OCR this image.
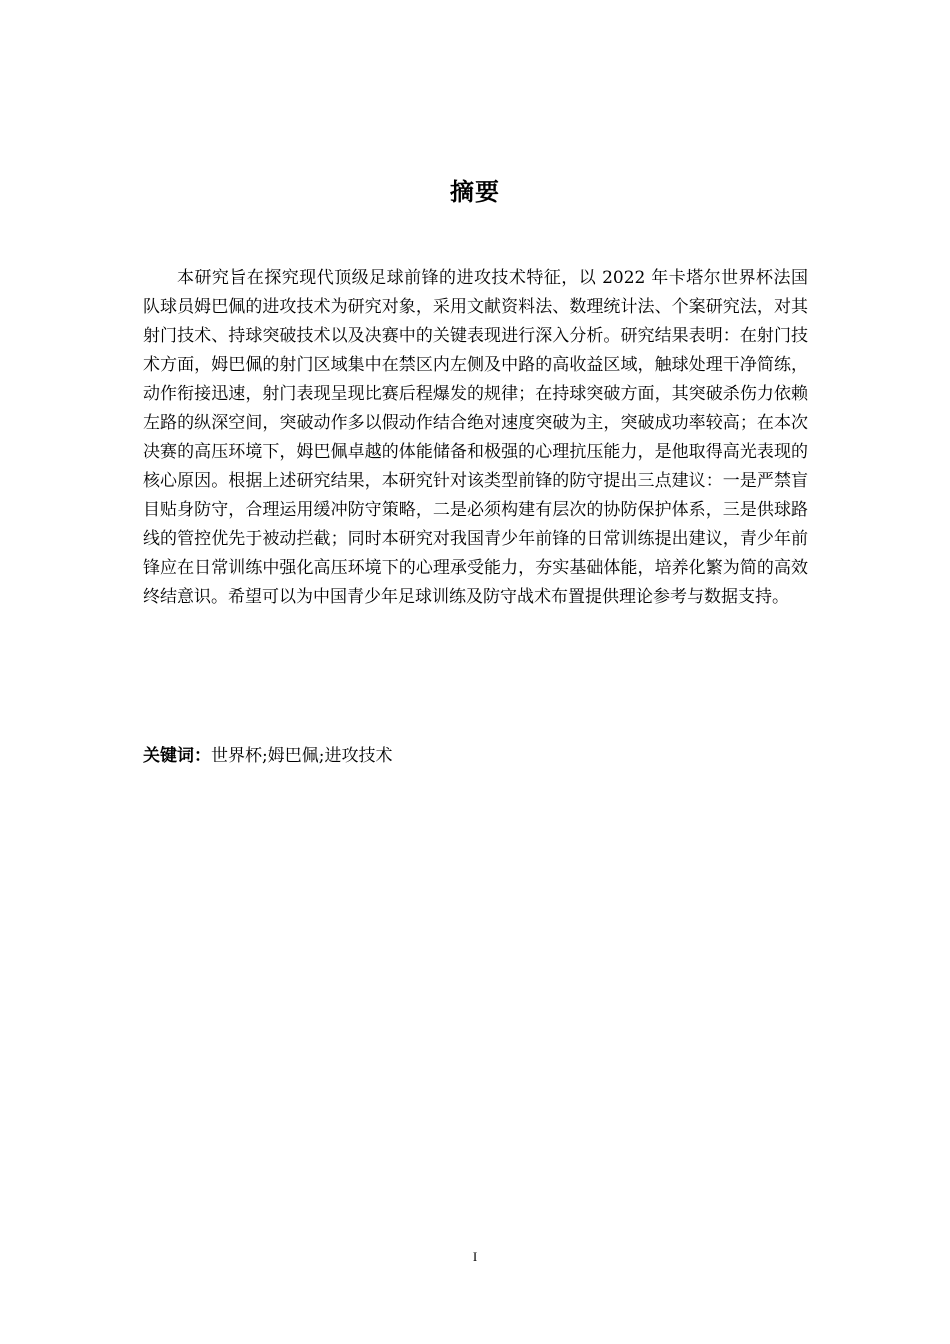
摘要

本研究旨在探究现代顶级足球前锋的进攻技术特征，以 2022 年卡塔尔世界杯法国队球员姆巴佩的进攻技术为研究对象，采用文献资料法、数理统计法、个案研究法，对其射门技术、持球突破技术以及决赛中的关键表现进行深入分析。研究结果表明：在射门技术方面，姆巴佩的射门区域集中在禁区内左侧及中路的高收益区域，触球处理干净简练，动作衔接迅速，射门表现呈现比赛后程爆发的规律；在持球突破方面，其突破杀伤力依赖左路的纵深空间，突破动作多以假动作结合绝对速度突破为主，突破成功率较高；在本次决赛的高压环境下，姆巴佩卓越的体能储备和极强的心理抗压能力，是他取得高光表现的核心原因。根据上述研究结果，本研究针对该类型前锋的防守提出三点建议：一是严禁盲目贴身防守，合理运用缓冲防守策略，二是必须构建有层次的协防保护体系，三是供球路线的管控优先于被动拦截；同时本研究对我国青少年前锋的日常训练提出建议，青少年前锋应在日常训练中强化高压环境下的心理承受能力，夯实基础体能，培养化繁为简的高效终结意识。希望可以为中国青少年足球训练及防守战术布置提供理论参考与数据支持。

关键词：世界杯;姆巴佩;进攻技术

I
